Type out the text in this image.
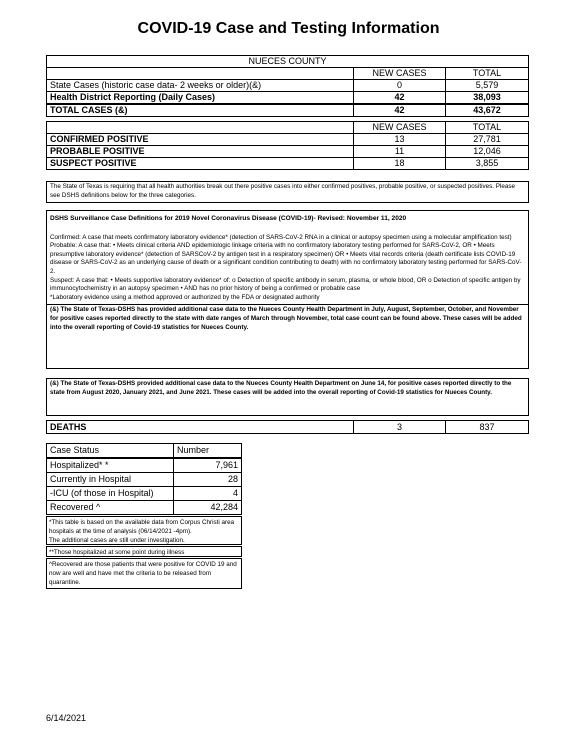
COVID-19 Case and Testing Information
NUECES COUNTY		
	NEW CASES	TOTAL
State Cases (historic case data- 2 weeks or older)(&)	0	5,579
Health District Reporting (Daily Cases)	42	38,093
TOTAL CASES (&)	42	43,672

	NEW CASES	TOTAL
CONFIRMED POSITIVE	13	27,781
PROBABLE POSITIVE	11	12,046
SUSPECT POSITIVE	18	3,855

The State of Texas is requiring that all health authorities break out there positive cases into either confirmed positives, probable positive, or suspected positives. Please see DSHS definitions below for the three categories.

DSHS Surveillance Case Definitions for 2019 Novel Coronavirus Disease (COVID-19)- Revised: November 11, 2020

Confirmed: A case that meets confirmatory laboratory evidence* (detection of SARS-CoV-2 RNA in a clinical or autopsy specimen using a molecular amplification test)

Probable: A case that: • Meets clinical criteria AND epidemiologic linkage criteria with no confirmatory laboratory testing performed for SARS-CoV-2, OR • Meets presumptive laboratory evidence* (detection of SARSCoV-2 by antigen test in a respiratory specimen) OR • Meets vital records criteria (death certificate lists COVID-19 disease or SARS-CoV-2 as an underlying cause of death or a significant condition contributing to death) with no confirmatory laboratory testing performed for SARS-CoV-2.

Suspect: A case that: • Meets supportive laboratory evidence* of: o Detection of specific antibody in serum, plasma, or whole blood, OR o Detection of specific antigen by immunocytochemistry in an autopsy specimen • AND has no prior history of being a confirmed or probable case

*Laboratory evidence using a method approved or authorized by the FDA or designated authority

(&) The State of Texas-DSHS has provided additional case data to the Nueces County Health Department in July, August, September, October, and November for positive cases reported directly to the state with date ranges of March through November, total case count can be found above. These cases will be added into the overall reporting of Covid-19 statistics for Nueces County.

(&) The State of Texas-DSHS provided additional case data to the Nueces County Health Department on June 14, for positive cases reported directly to the state from August 2020, January 2021, and June 2021. These cases will be added into the overall reporting of Covid-19 statistics for Nueces County.

DEATHS	3	837
Case Status	Number
Hospitalized* *	7,961
Currently in Hospital	28
-ICU (of those in Hospital)	4
Recovered ^	42,284
*This table is based on the available data from Corpus Christi area hospitals at the time of analysis (06/14/2021 -4pm).
The additional cases are still under investigation.
**Those hospitalized at some point during illness
^Recovered are those patients that were positive for COVID 19 and now are well and have met the criteria to be released from quarantine.
6/14/2021
